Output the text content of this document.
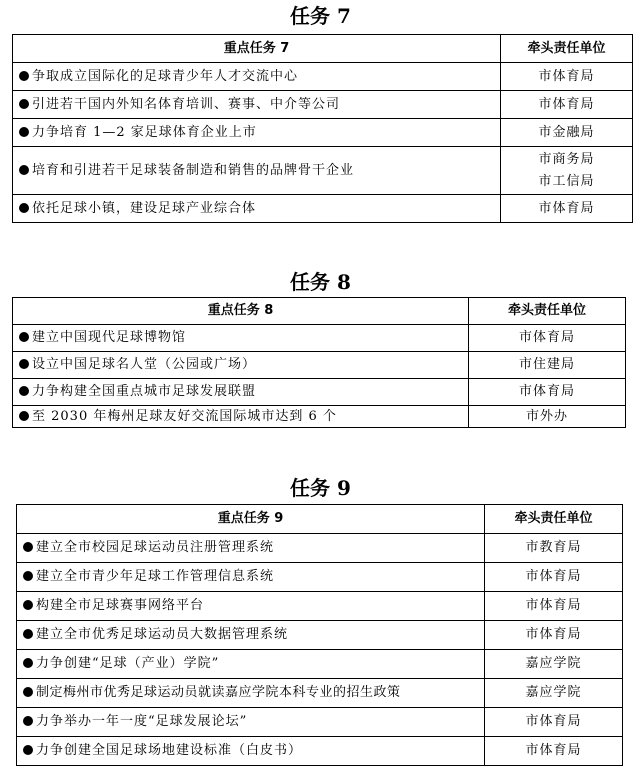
任务 7
重点任务 7	牵头责任单位
争取成立国际化的足球青少年人才交流中心	市体育局

引进若干国内外知名体育培训、赛事、中介等公司	市体育局

力争培育 1—2 家足球体育企业上市	市金融局

培育和引进若干足球装备制造和销售的品牌骨干企业	市商务局
市工信局

依托足球小镇，建设足球产业综合体	市体育局
任务 8
重点任务 8	牵头责任单位
建立中国现代足球博物馆	市体育局

设立中国足球名人堂（公园或广场）	市住建局

力争构建全国重点城市足球发展联盟	市体育局

至 2030 年梅州足球友好交流国际城市达到 6 个	市外办
任务 9
重点任务 9	牵头责任单位
建立全市校园足球运动员注册管理系统	市教育局

建立全市青少年足球工作管理信息系统	市体育局

构建全市足球赛事网络平台	市体育局

建立全市优秀足球运动员大数据管理系统	市体育局

力争创建“足球（产业）学院”	嘉应学院

制定梅州市优秀足球运动员就读嘉应学院本科专业的招生政策	嘉应学院

力争举办一年一度“足球发展论坛”	市体育局

力争创建全国足球场地建设标准（白皮书）	市体育局
